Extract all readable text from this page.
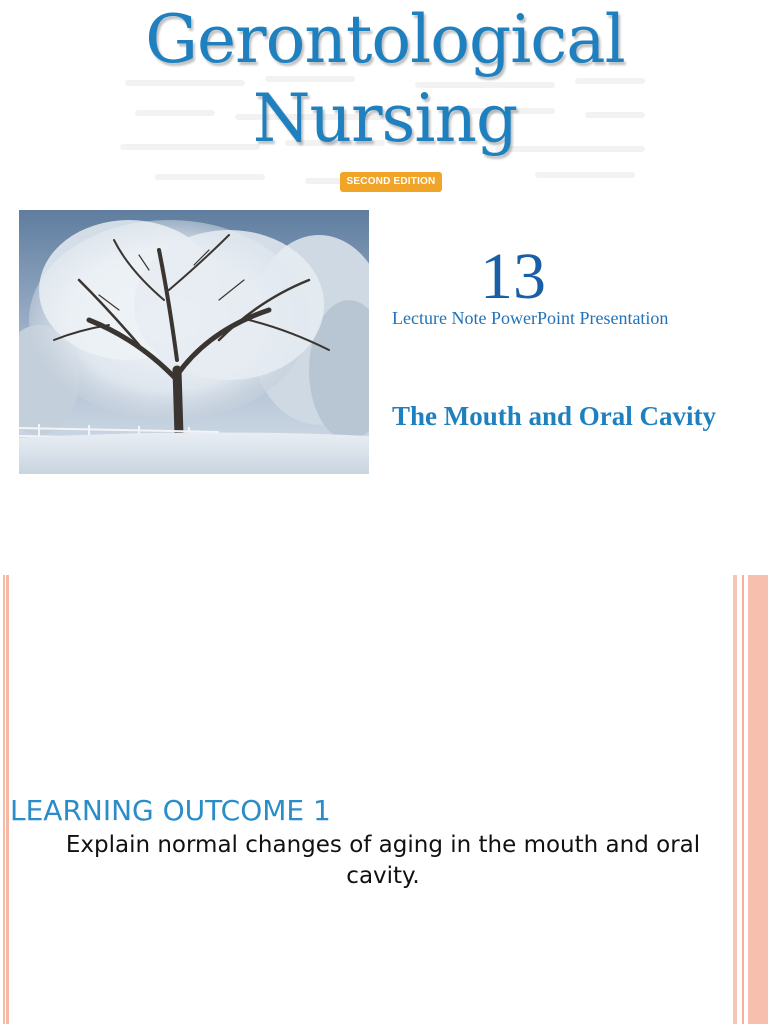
Gerontological
Nursing
SECOND EDITION
13
Lecture Note PowerPoint Presentation
The Mouth and Oral Cavity
LEARNING OUTCOME 1
Explain normal changes of aging in the mouth and oral cavity.
